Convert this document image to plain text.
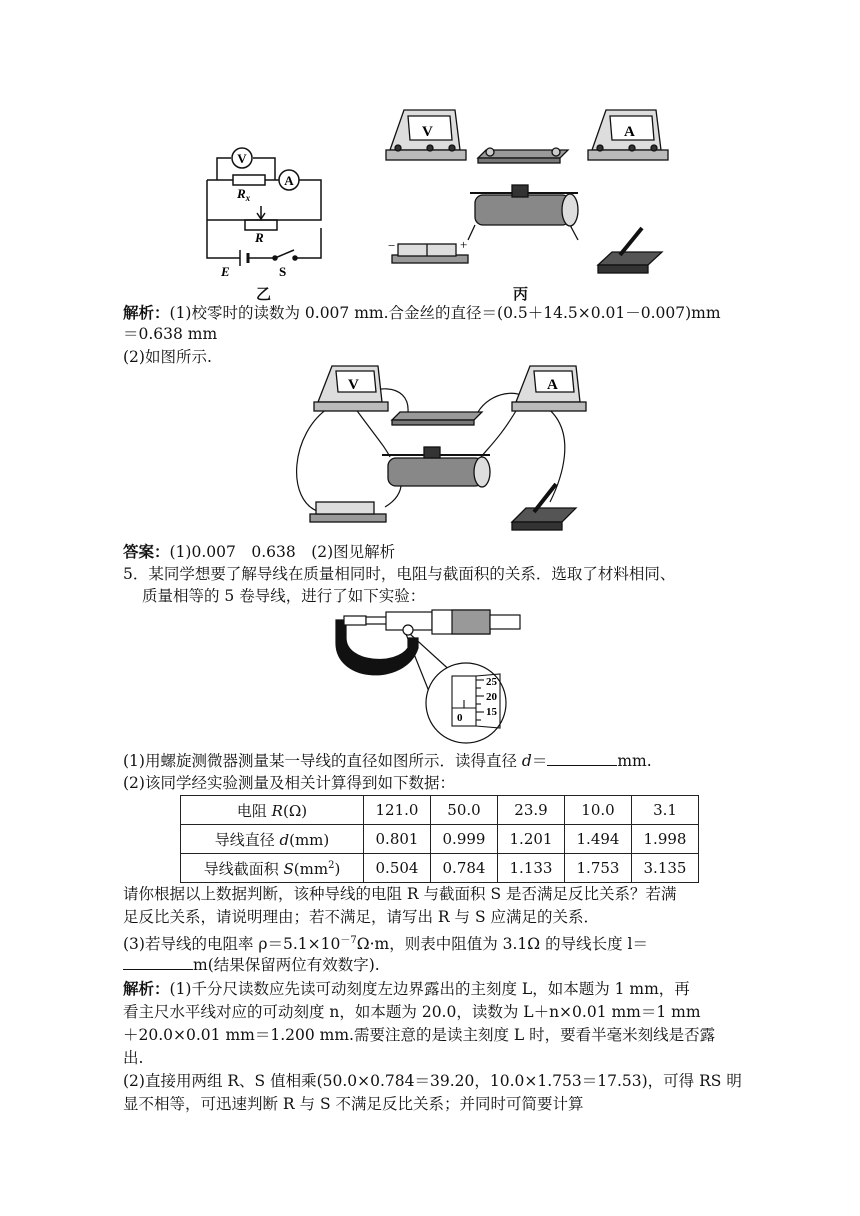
V
A
$R_x$
R
E	S
乙
V	A
−	+
丙
解析：(1)校零时的读数为 0.007 mm.合金丝的直径＝(0.5＋14.5×0.01－0.007)mm
＝0.638 mm
(2)如图所示.
V	A
答案：(1)0.007　0.638　(2)图见解析
5．某同学想要了解导线在质量相同时，电阻与截面积的关系．选取了材料相同、
质量相等的 5 卷导线，进行了如下实验：
25
20
15
0
(1)用螺旋测微器测量某一导线的直径如图所示．读得直径 d＝	mm.
(2)该同学经实验测量及相关计算得到如下数据：
电阻 R(Ω)	121.0	50.0	23.9	10.0	3.1
导线直径 d(mm)	0.801	0.999	1.201	1.494	1.998
导线截面积 $S(mm^2)$	0.504	0.784	1.133	1.753	3.135
请你根据以上数据判断，该种导线的电阻 R 与截面积 S 是否满足反比关系？若满
足反比关系，请说明理由；若不满足，请写出 R 与 S 应满足的关系．
(3)若导线的电阻率 $\rho=5.1\times 10^{-7}\Omega\cdot m$，则表中阻值为 3.1Ω 的导线长度 l＝
m(结果保留两位有效数字).
解析：(1)千分尺读数应先读可动刻度左边界露出的主刻度 L，如本题为 1 mm，再
看主尺水平线对应的可动刻度 n，如本题为 20.0，读数为 L＋n×0.01 mm＝1 mm
＋20.0×0.01 mm＝1.200 mm.需要注意的是读主刻度 L 时，要看半毫米刻线是否露
出.
(2)直接用两组 R、S 值相乘(50.0×0.784＝39.20，10.0×1.753＝17.53)，可得 RS 明
显不相等，可迅速判断 R 与 S 不满足反比关系；并同时可简要计算
